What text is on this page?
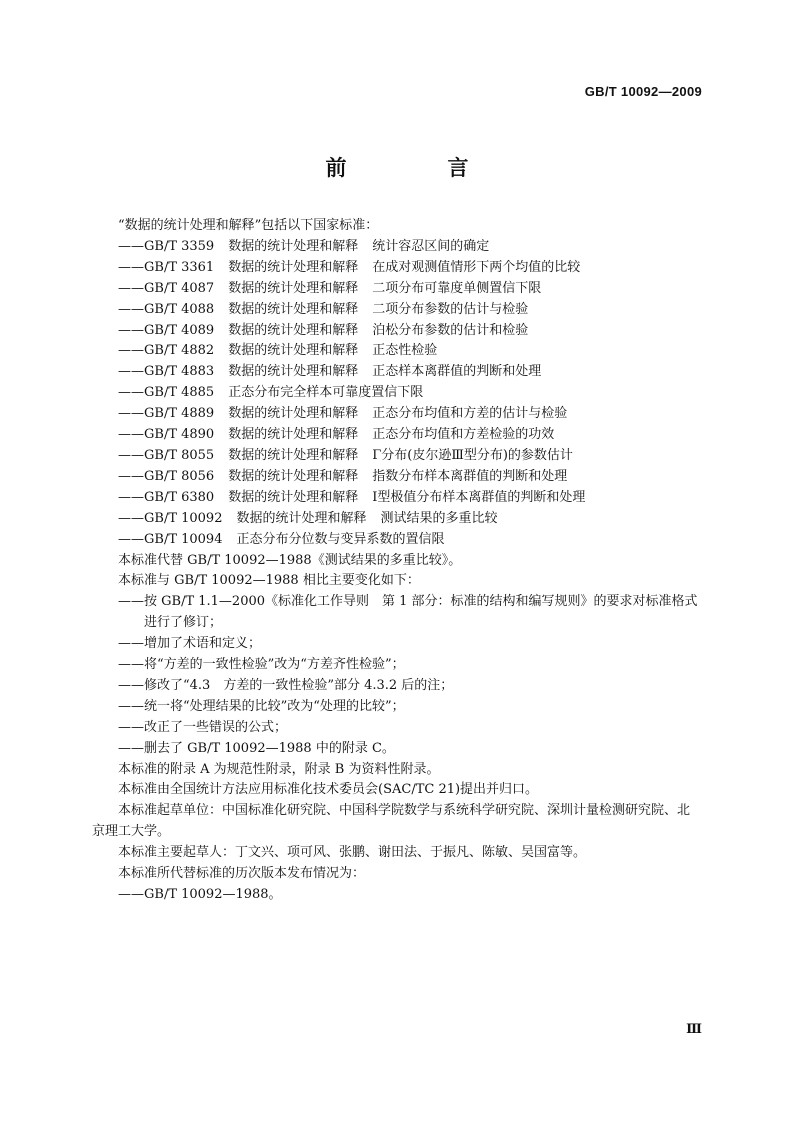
GB/T 10092—2009
前　言

“数据的统计处理和解释”包括以下国家标准：

——GB/T 3359 数据的统计处理和解释 统计容忍区间的确定

——GB/T 3361 数据的统计处理和解释 在成对观测值情形下两个均值的比较

——GB/T 4087 数据的统计处理和解释 二项分布可靠度单侧置信下限

——GB/T 4088 数据的统计处理和解释 二项分布参数的估计与检验

——GB/T 4089 数据的统计处理和解释 泊松分布参数的估计和检验

——GB/T 4882 数据的统计处理和解释 正态性检验

——GB/T 4883 数据的统计处理和解释 正态样本离群值的判断和处理

——GB/T 4885 正态分布完全样本可靠度置信下限

——GB/T 4889 数据的统计处理和解释 正态分布均值和方差的估计与检验

——GB/T 4890 数据的统计处理和解释 正态分布均值和方差检验的功效

——GB/T 8055 数据的统计处理和解释 Γ分布(皮尔逊Ⅲ型分布)的参数估计

——GB/T 8056 数据的统计处理和解释 指数分布样本离群值的判断和处理

——GB/T 6380 数据的统计处理和解释 Ⅰ型极值分布样本离群值的判断和处理

——GB/T 10092 数据的统计处理和解释 测试结果的多重比较

——GB/T 10094 正态分布分位数与变异系数的置信限

本标准代替 GB/T 10092—1988《测试结果的多重比较》。

本标准与 GB/T 10092—1988 相比主要变化如下：

——按 GB/T 1.1—2000《标准化工作导则　第 1 部分：标准的结构和编写规则》的要求对标准格式

进行了修订；

——增加了术语和定义；

——将“方差的一致性检验”改为“方差齐性检验”；

——修改了“4.3　方差的一致性检验”部分 4.3.2 后的注；

——统一将“处理结果的比较”改为“处理的比较”；

——改正了一些错误的公式；

——删去了 GB/T 10092—1988 中的附录 C。

本标准的附录 A 为规范性附录，附录 B 为资料性附录。

本标准由全国统计方法应用标准化技术委员会(SAC/TC 21)提出并归口。

本标准起草单位：中国标准化研究院、中国科学院数学与系统科学研究院、深圳计量检测研究院、北

京理工大学。

本标准主要起草人：丁文兴、项可风、张鹏、谢田法、于振凡、陈敏、吴国富等。

本标准所代替标准的历次版本发布情况为：

——GB/T 10092—1988。

Ⅲ
